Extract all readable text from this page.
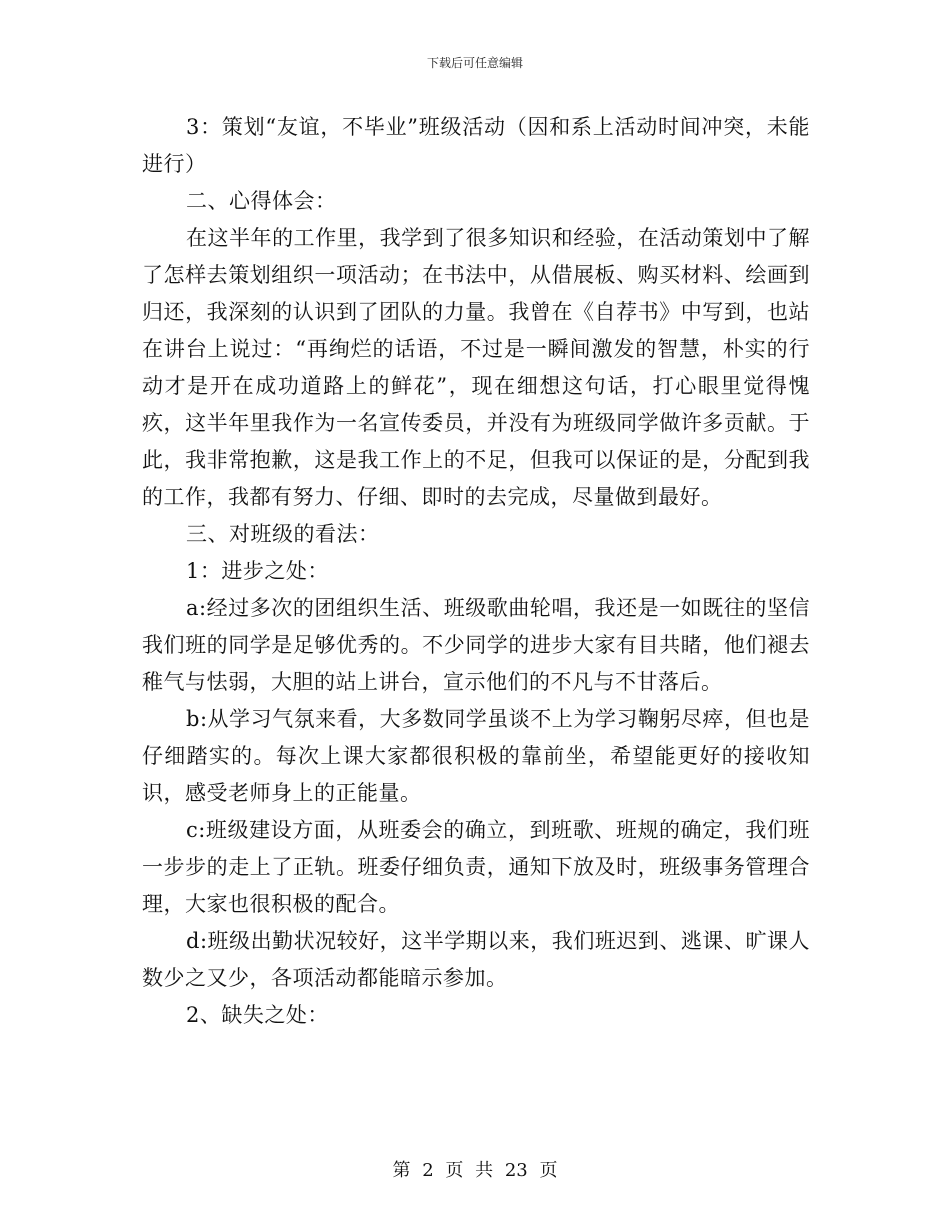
下载后可任意编辑

3：策划“友谊，不毕业”班级活动（因和系上活动时间冲突，未能进行）

二、心得体会：

在这半年的工作里，我学到了很多知识和经验，在活动策划中了解了怎样去策划组织一项活动；在书法中，从借展板、购买材料、绘画到归还，我深刻的认识到了团队的力量。我曾在《自荐书》中写到，也站在讲台上说过：“再绚烂的话语，不过是一瞬间激发的智慧，朴实的行动才是开在成功道路上的鲜花”，现在细想这句话，打心眼里觉得愧疚，这半年里我作为一名宣传委员，并没有为班级同学做许多贡献。于此，我非常抱歉，这是我工作上的不足，但我可以保证的是，分配到我的工作，我都有努力、仔细、即时的去完成，尽量做到最好。

三、对班级的看法：

1：进步之处：

a:经过多次的团组织生活、班级歌曲轮唱，我还是一如既往的坚信我们班的同学是足够优秀的。不少同学的进步大家有目共睹，他们褪去稚气与怯弱，大胆的站上讲台，宣示他们的不凡与不甘落后。

b:从学习气氛来看，大多数同学虽谈不上为学习鞠躬尽瘁，但也是仔细踏实的。每次上课大家都很积极的靠前坐，希望能更好的接收知识，感受老师身上的正能量。

c:班级建设方面，从班委会的确立，到班歌、班规的确定，我们班一步步的走上了正轨。班委仔细负责，通知下放及时，班级事务管理合理，大家也很积极的配合。

d:班级出勤状况较好，这半学期以来，我们班迟到、逃课、旷课人数少之又少，各项活动都能暗示参加。

2、缺失之处：

第 2 页 共 23 页
